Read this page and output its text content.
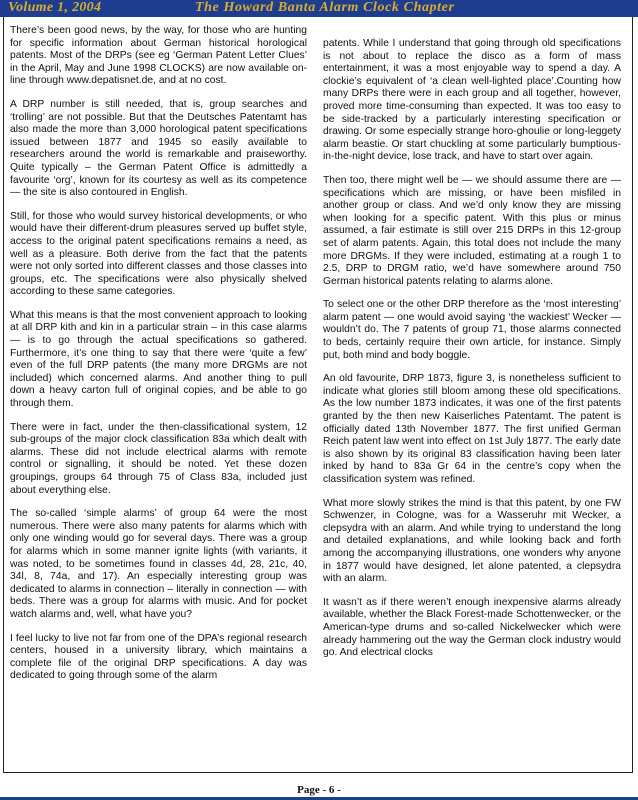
Volume 1, 2004	The Howard Banta Alarm Clock Chapter

There’s been good news, by the way, for those who are hunting for specific information about German historical horological patents. Most of the DRPs (see eg ‘German Patent Letter Clues’ in the April, May and June 1998 CLOCKS) are now available on-line through www.depatisnet.de, and at no cost.

A DRP number is still needed, that is, group searches and ‘trolling’ are not possible. But that the Deutsches Patentamt has also made the more than 3,000 horological patent specifications issued between 1877 and 1945 so easily available to researchers around the world is remarkable and praiseworthy. Quite typically – the German Patent Office is admittedly a favourite ‘org’, known for its courtesy as well as its competence — the site is also contoured in English.

Still, for those who would survey historical developments, or who would have their different-drum pleasures served up buffet style, access to the original patent specifications remains a need, as well as a pleasure. Both derive from the fact that the patents were not only sorted into different classes and those classes into groups, etc. The specifications were also physically shelved according to these same categories.

What this means is that the most convenient approach to looking at all DRP kith and kin in a particular strain – in this case alarms — is to go through the actual specifications so gathered. Furthermore, it’s one thing to say that there were ‘quite a few’ even of the full DRP patents (the many more DRGMs are not included) which concerned alarms. And another thing to pull down a heavy carton full of original copies, and be able to go through them.

There were in fact, under the then-classificational system, 12 sub-groups of the major clock classification 83a which dealt with alarms. These did not include electrical alarms with remote control or signalling, it should be noted. Yet these dozen groupings, groups 64 through 75 of Class 83a, included just about everything else.

The so-called ‘simple alarms’ of group 64 were the most numerous. There were also many patents for alarms which with only one winding would go for several days. There was a group for alarms which in some manner ignite lights (with variants, it was noted, to be sometimes found in classes 4d, 28, 21c, 40, 34l, 8, 74a, and 17). An especially interesting group was dedicated to alarms in connection – literally in connection — with beds. There was a group for alarms with music. And for pocket watch alarms and, well, what have you?

I feel lucky to live not far from one of the DPA’s regional research centers, housed in a university library, which maintains a complete file of the original DRP specifications. A day was dedicated to going through some of the alarm

patents. While I understand that going through old specifications is not about to replace the disco as a form of mass entertainment, it was a most enjoyable way to spend a day. A clockie’s equivalent of ‘a clean well-lighted place’.Counting how many DRPs there were in each group and all together, however, proved more time-consuming than expected. It was too easy to be side-tracked by a particularly interesting specification or drawing. Or some especially strange horo-ghoulie or long-leggety alarm beastie. Or start chuckling at some particularly bumptious-in-the-night device, lose track, and have to start over again.

Then too, there might well be — we should assume there are — specifications which are missing, or have been misfiled in another group or class. And we’d only know they are missing when looking for a specific patent. With this plus or minus assumed, a fair estimate is still over 215 DRPs in this 12-group set of alarm patents. Again, this total does not include the many more DRGMs. If they were included, estimating at a rough 1 to 2.5, DRP to DRGM ratio, we’d have somewhere around 750 German historical patents relating to alarms alone.

To select one or the other DRP therefore as the ‘most interesting’ alarm patent — one would avoid saying ‘the wackiest’ Wecker — wouldn’t do. The 7 patents of group 71, those alarms connected to beds, certainly require their own article, for instance. Simply put, both mind and body boggle.

An old favourite, DRP 1873, figure 3, is nonetheless sufficient to indicate what glories still bloom among these old specifications. As the low number 1873 indicates, it was one of the first patents granted by the then new Kaiserliches Patentamt. The patent is officially dated 13th November 1877. The first unified German Reich patent law went into effect on 1st July 1877. The early date is also shown by its original 83 classification having been later inked by hand to 83a Gr 64 in the centre’s copy when the classification system was refined.

What more slowly strikes the mind is that this patent, by one FW Schwenzer, in Cologne, was for a Wasseruhr mit Wecker, a clepsydra with an alarm. And while trying to understand the long and detailed explanations, and while looking back and forth among the accompanying illustrations, one wonders why anyone in 1877 would have designed, let alone patented, a clepsydra with an alarm.

It wasn’t as if there weren’t enough inexpensive alarms already available, whether the Black Forest-made Schottenwecker, or the American-type drums and so-called Nickelwecker which were already hammering out the way the German clock industry would go. And electrical clocks

Page - 6 -
